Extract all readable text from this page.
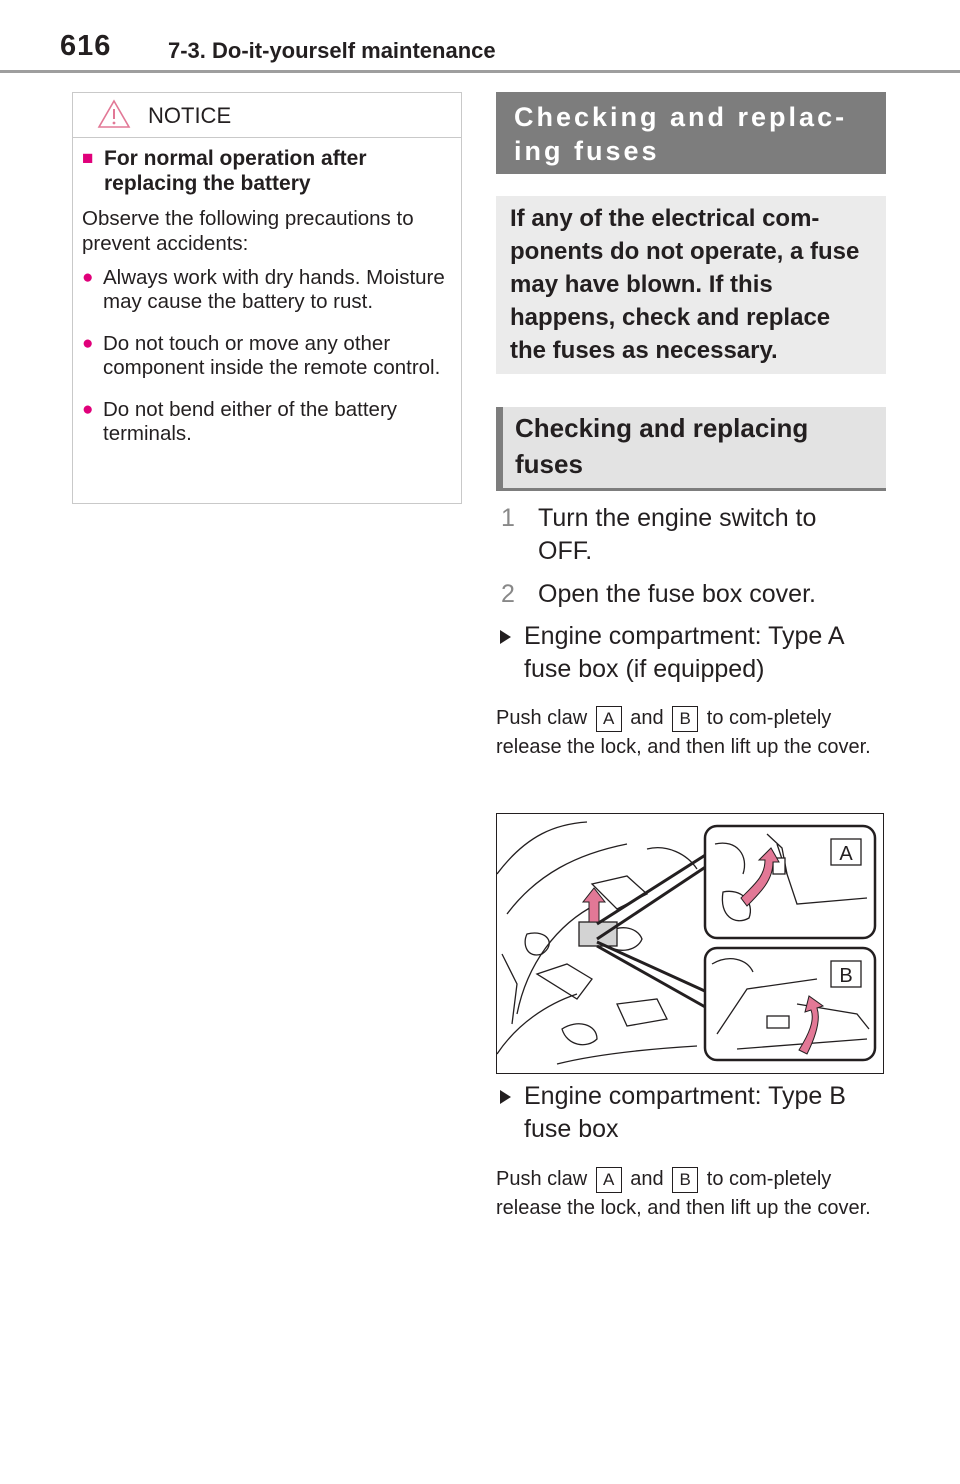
616	7-3. Do-it-yourself maintenance
NOTICE
■ For normal operation after replacing the battery
Observe the following precautions to prevent accidents:
● Always work with dry hands. Moisture may cause the battery to rust.
● Do not touch or move any other component inside the remote control.
● Do not bend either of the battery terminals.
Checking and replac-ing fuses
If any of the electrical com-ponents do not operate, a fuse may have blown. If this happens, check and replace the fuses as necessary.
Checking and replacing fuses
1 Turn the engine switch to OFF.
2 Open the fuse box cover.
Engine compartment: Type A fuse box (if equipped)
Push claw A and B to com-pletely release the lock, and then lift up the cover.
A
B
Engine compartment: Type B fuse box
Push claw A and B to com-pletely release the lock, and then lift up the cover.
